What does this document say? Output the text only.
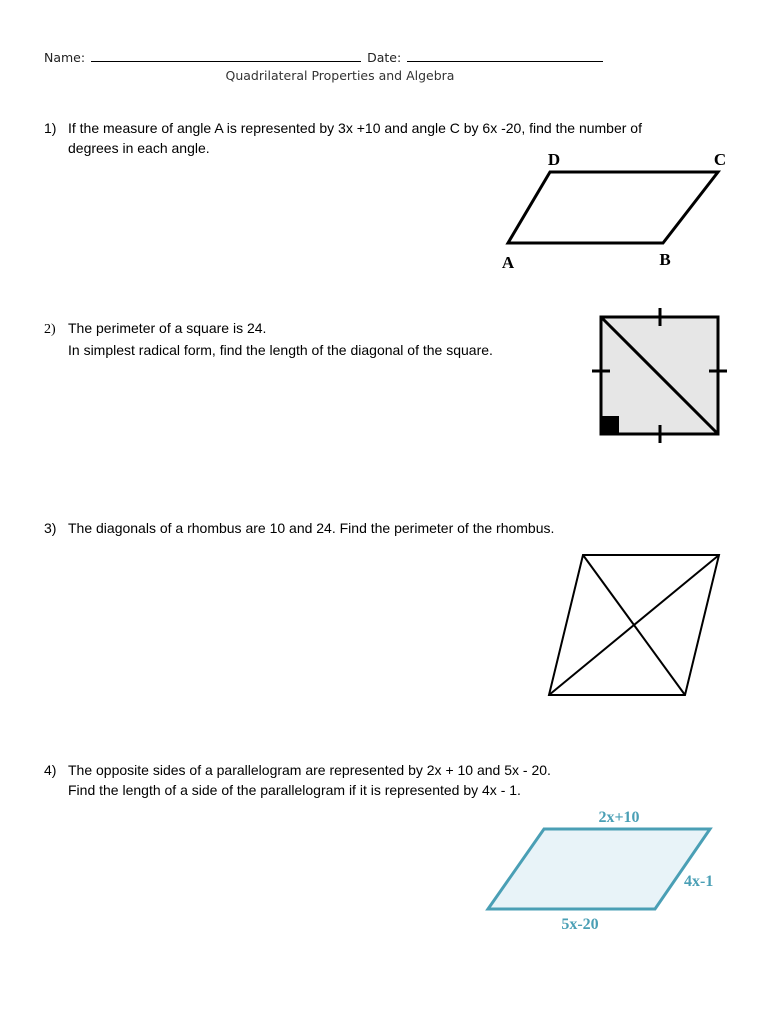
Name:	Date:
Quadrilateral Properties and Algebra
1) If the measure of angle A is represented by 3x +10 and angle C by 6x -20, find the number of
degrees in each angle.
D	C
A	B
2) The perimeter of a square is 24.
In simplest radical form, find the length of the diagonal of the square.
3) The diagonals of a rhombus are 10 and 24. Find the perimeter of the rhombus.
4) The opposite sides of a parallelogram are represented by 2x + 10 and 5x - 20.
Find the length of a side of the parallelogram if it is represented by 4x - 1.
2x+10
4x-1
5x-20
